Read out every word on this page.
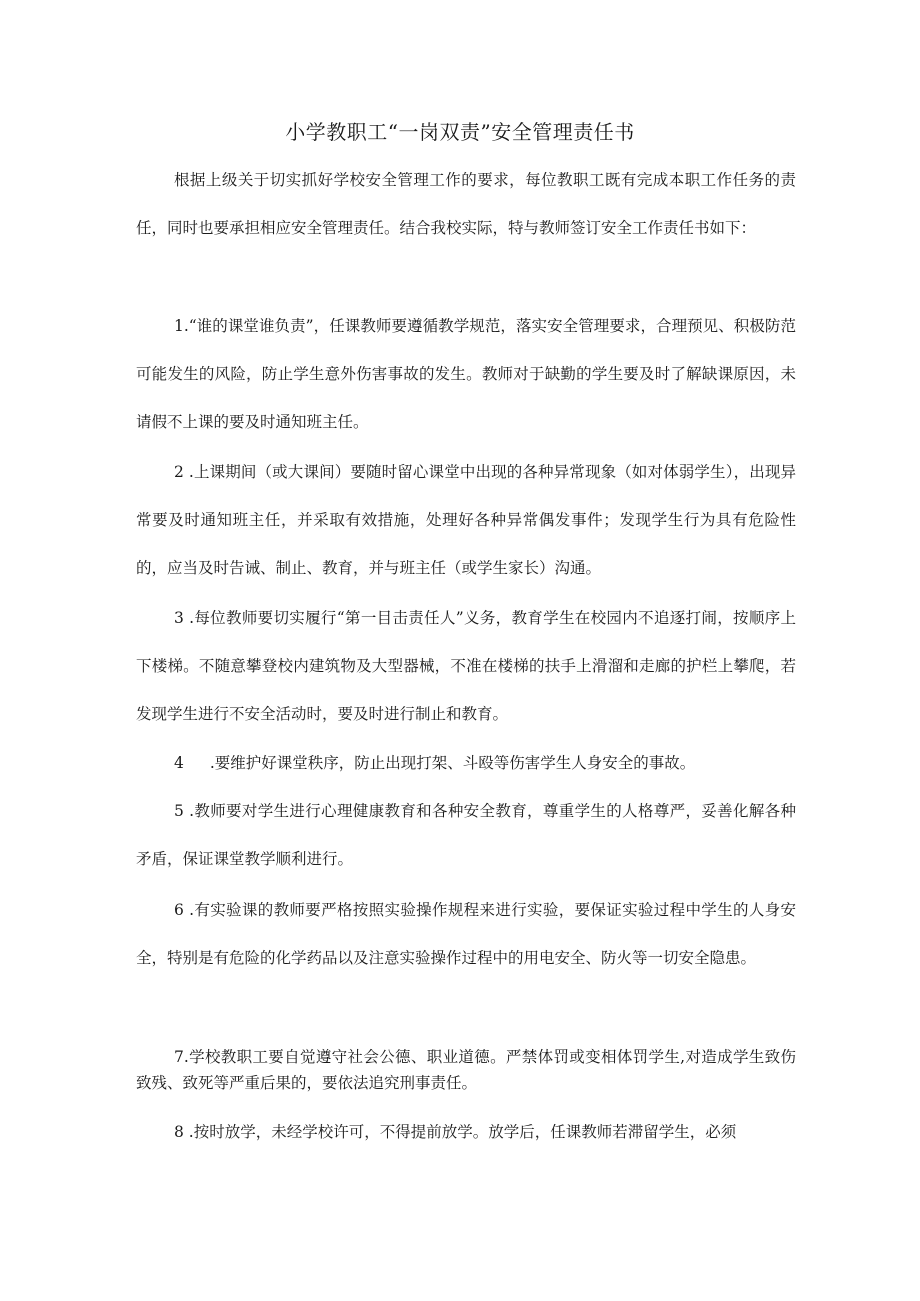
小学教职工“一岗双责”安全管理责任书

根据上级关于切实抓好学校安全管理工作的要求，每位教职工既有完成本职工作任务的责任，同时也要承担相应安全管理责任。结合我校实际，特与教师签订安全工作责任书如下：

1.“谁的课堂谁负责”，任课教师要遵循教学规范，落实安全管理要求，合理预见、积极防范可能发生的风险，防止学生意外伤害事故的发生。教师对于缺勤的学生要及时了解缺课原因，未请假不上课的要及时通知班主任。

2 .上课期间（或大课间）要随时留心课堂中出现的各种异常现象（如对体弱学生），出现异常要及时通知班主任，并采取有效措施，处理好各种异常偶发事件；发现学生行为具有危险性的，应当及时告诫、制止、教育，并与班主任（或学生家长）沟通。

3 .每位教师要切实履行“第一目击责任人”义务，教育学生在校园内不追逐打闹，按顺序上下楼梯。不随意攀登校内建筑物及大型器械，不准在楼梯的扶手上滑溜和走廊的护栏上攀爬，若发现学生进行不安全活动时，要及时进行制止和教育。

4 .要维护好课堂秩序，防止出现打架、斗殴等伤害学生人身安全的事故。

5 .教师要对学生进行心理健康教育和各种安全教育，尊重学生的人格尊严，妥善化解各种矛盾，保证课堂教学顺利进行。

6 .有实验课的教师要严格按照实验操作规程来进行实验，要保证实验过程中学生的人身安全，特别是有危险的化学药品以及注意实验操作过程中的用电安全、防火等一切安全隐患。

7.学校教职工要自觉遵守社会公德、职业道德。严禁体罚或变相体罚学生,对造成学生致伤致残、致死等严重后果的，要依法追究刑事责任。

8 .按时放学，未经学校许可，不得提前放学。放学后，任课教师若滞留学生，必须
